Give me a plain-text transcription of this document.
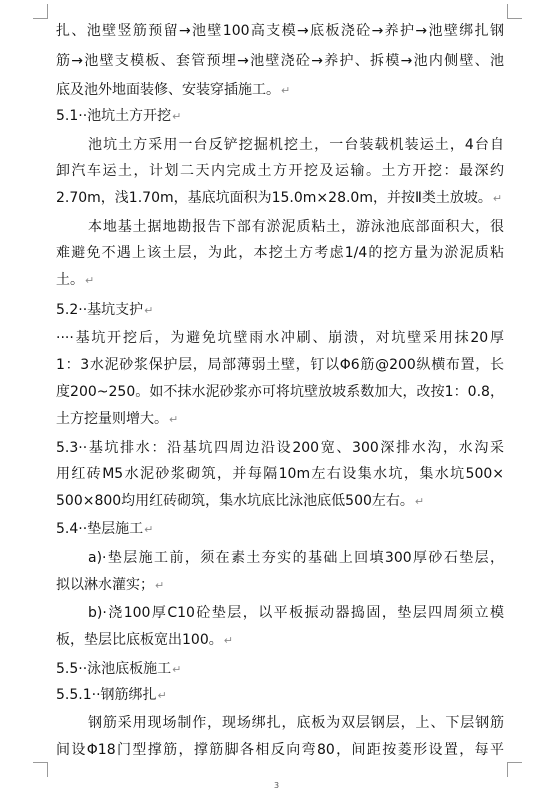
扎、池壁竖筋预留→池壁100高支模→底板浇砼→养护→池壁绑扎钢
筋→池壁支模板、套管预埋→池壁浇砼→养护、拆模→池内侧壁、池
底及池外地面装修、安装穿插施工。↵
5.1··池坑土方开挖↵
池坑土方采用一台反铲挖掘机挖土，一台装载机装运土，4台自
卸汽车运土，计划二天内完成土方开挖及运输。土方开挖：最深约
2.70m，浅1.70m，基底坑面积为15.0m×28.0m，并按Ⅱ类土放坡。↵
本地基土据地勘报告下部有淤泥质粘土，游泳池底部面积大，很
难避免不遇上该土层，为此，本挖土方考虑1/4的挖方量为淤泥质粘
土。↵
5.2··基坑支护↵
····基坑开挖后，为避免坑壁雨水冲刷、崩溃，对坑壁采用抹20厚
1：3水泥砂浆保护层，局部薄弱土壁，钉以Φ6筋@200纵横布置，长
度200~250。如不抹水泥砂浆亦可将坑壁放坡系数加大，改按1：0.8，
土方挖量则增大。↵
5.3··基坑排水：沿基坑四周边沿设200宽、300深排水沟，水沟采
用红砖M5水泥砂浆砌筑，并每隔10m左右设集水坑，集水坑500×
500×800均用红砖砌筑，集水坑底比泳池底低500左右。↵
5.4··垫层施工↵
a)·垫层施工前，须在素土夯实的基础上回填300厚砂石垫层，
拟以淋水灌实；↵
b)·浇100厚C10砼垫层，以平板振动器捣固，垫层四周须立模
板，垫层比底板宽出100。↵
5.5··泳池底板施工↵
5.5.1··钢筋绑扎↵
钢筋采用现场制作，现场绑扎，底板为双层钢层，上、下层钢筋
间设Φ18门型撑筋，撑筋脚各相反向弯80，间距按菱形设置，每平
3
